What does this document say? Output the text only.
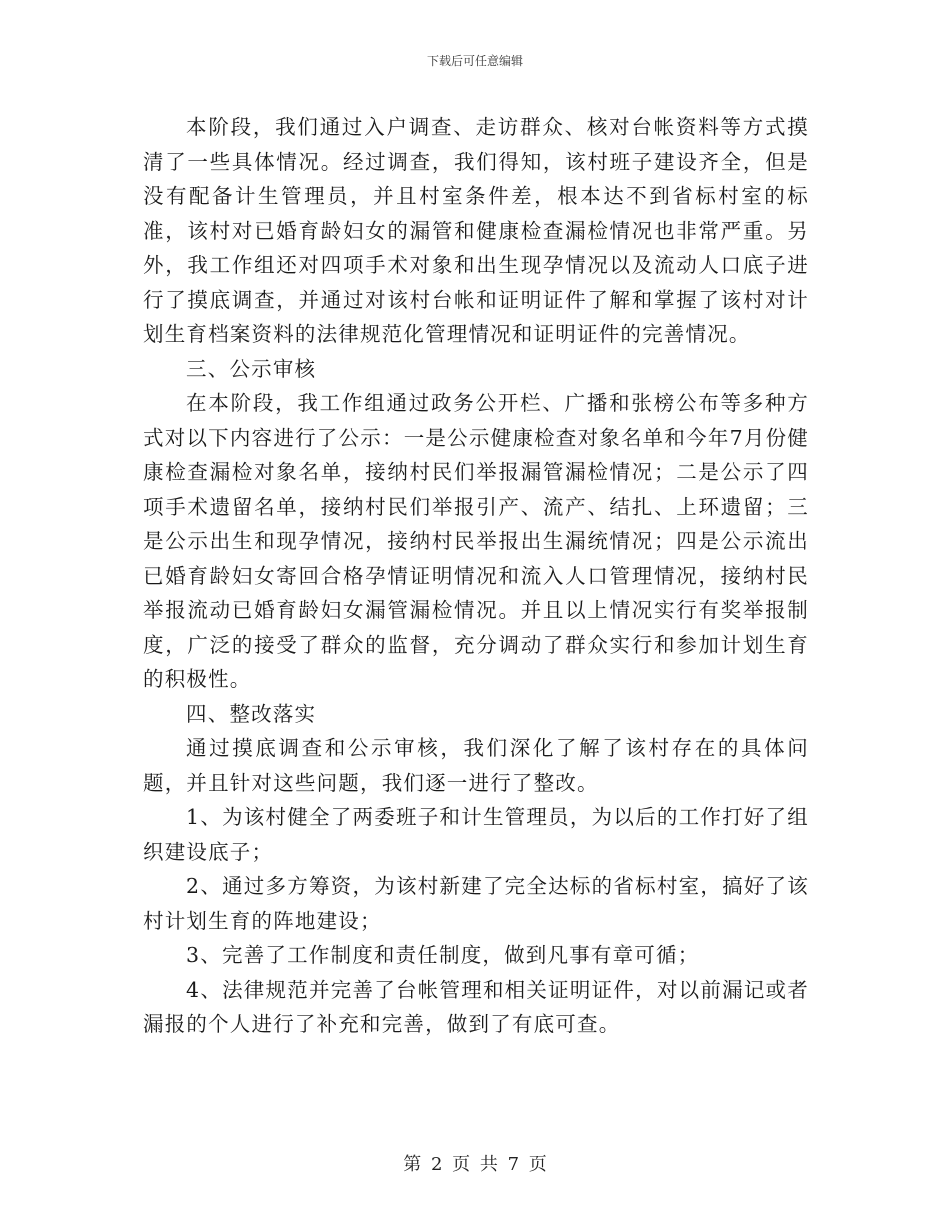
下载后可任意编辑

本阶段，我们通过入户调查、走访群众、核对台帐资料等方式摸清了一些具体情况。经过调查，我们得知，该村班子建设齐全，但是没有配备计生管理员，并且村室条件差，根本达不到省标村室的标准，该村对已婚育龄妇女的漏管和健康检查漏检情况也非常严重。另外，我工作组还对四项手术对象和出生现孕情况以及流动人口底子进行了摸底调查，并通过对该村台帐和证明证件了解和掌握了该村对计划生育档案资料的法律规范化管理情况和证明证件的完善情况。

三、公示审核

在本阶段，我工作组通过政务公开栏、广播和张榜公布等多种方式对以下内容进行了公示：一是公示健康检查对象名单和今年7月份健康检查漏检对象名单，接纳村民们举报漏管漏检情况；二是公示了四项手术遗留名单，接纳村民们举报引产、流产、结扎、上环遗留；三是公示出生和现孕情况，接纳村民举报出生漏统情况；四是公示流出已婚育龄妇女寄回合格孕情证明情况和流入人口管理情况，接纳村民举报流动已婚育龄妇女漏管漏检情况。并且以上情况实行有奖举报制度，广泛的接受了群众的监督，充分调动了群众实行和参加计划生育的积极性。

四、整改落实

通过摸底调查和公示审核，我们深化了解了该村存在的具体问题，并且针对这些问题，我们逐一进行了整改。

1、为该村健全了两委班子和计生管理员，为以后的工作打好了组织建设底子；

2、通过多方筹资，为该村新建了完全达标的省标村室，搞好了该村计划生育的阵地建设；

3、完善了工作制度和责任制度，做到凡事有章可循；

4、法律规范并完善了台帐管理和相关证明证件，对以前漏记或者漏报的个人进行了补充和完善，做到了有底可查。

第 2 页 共 7 页
